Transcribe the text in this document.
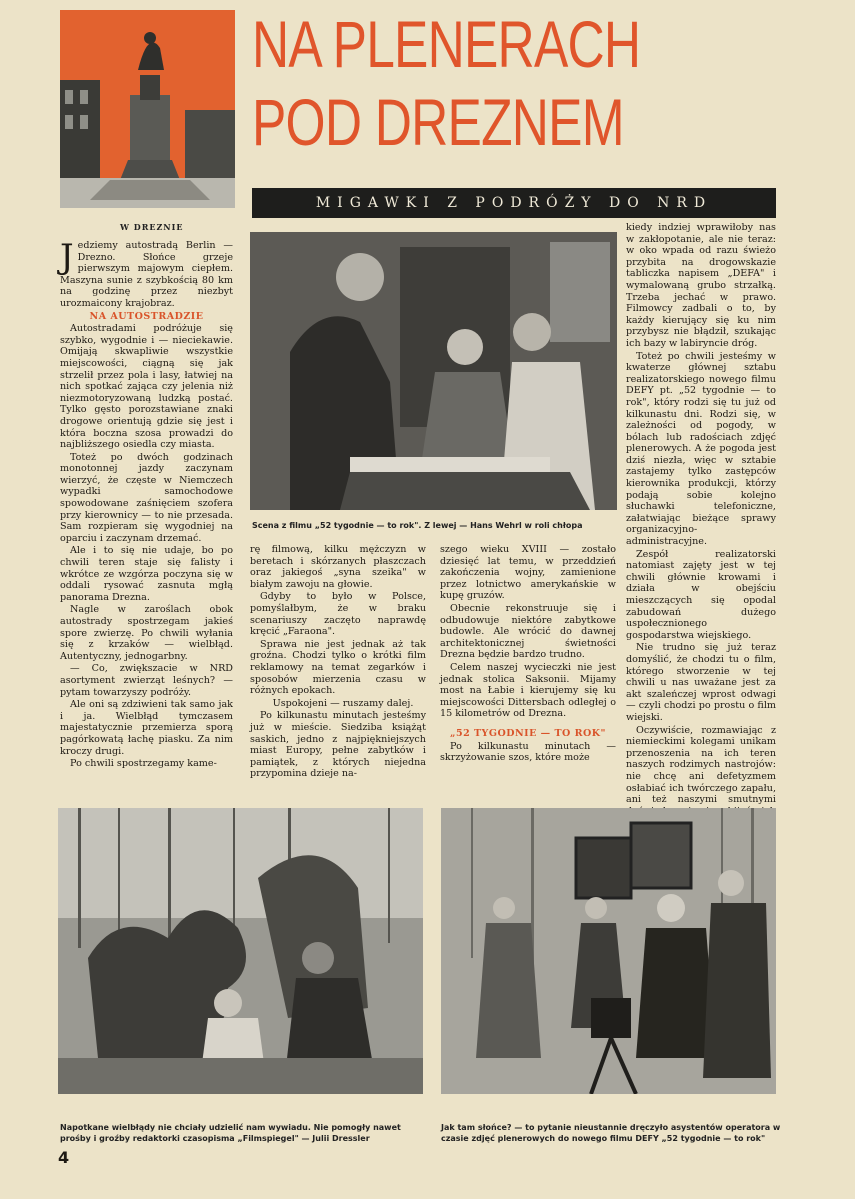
W DREZNIE
NA PLENERACH
POD DREZNEM
MIGAWKI Z PODRÓŻY DO NRD
Scena z filmu „52 tygodnie — to rok". Z lewej — Hans Wehrl w roli chłopa

Jedziemy autostradą Berlin — Drezno. Słońce grzeje pierwszym majowym ciepłem. Maszyna sunie z szybkością 80 km na godzinę przez niezbyt urozmaicony krajobraz.

NA AUTOSTRADZIE

Autostradami podróżuje się szybko, wygodnie i — nieciekawie. Omijają skwapliwie wszystkie miejscowości, ciągną się jak strzelił przez pola i lasy, łatwiej na nich spotkać zająca czy jelenia niż niezmotoryzowaną ludzką postać. Tylko gęsto porozstawiane znaki drogowe orientują gdzie się jest i która boczna szosa prowadzi do najbliższego osiedla czy miasta.

Toteż po dwóch godzinach monotonnej jazdy zaczynam wierzyć, że częste w Niemczech wypadki samochodowe spowodowane zaśnięciem szofera przy kierownicy — to nie przesada. Sam rozpieram się wygodniej na oparciu i zaczynam drzemać.

Ale i to się nie udaje, bo po chwili teren staje się falisty i wkrótce ze wzgórza poczyna się w oddali rysować zasnuta mgłą panorama Drezna.

Nagle w zaroślach obok autostrady spostrzegam jakieś spore zwierzę. Po chwili wyłania się z krzaków — wielbłąd. Autentyczny, jednogarbny.

— Co, zwiększacie w NRD asortyment zwierząt leśnych? — pytam towarzyszy podróży.

Ale oni są zdziwieni tak samo jak i ja. Wielbłąd tymczasem majestatycznie przemierza sporą pagórkowatą łachę piasku. Za nim kroczy drugi.

Po chwili spostrzegamy kame-

rę filmową, kilku mężczyzn w beretach i skórzanych płaszczach oraz jakiegoś „syna szeika" w białym zawoju na głowie.

Gdyby to było w Polsce, pomyślałbym, że w braku scenariuszy zaczęto naprawdę kręcić „Faraona".

Sprawa nie jest jednak aż tak groźna. Chodzi tylko o krótki film reklamowy na temat zegarków i sposobów mierzenia czasu w różnych epokach.

Uspokojeni — ruszamy dalej.

Po kilkunastu minutach jesteśmy już w mieście. Siedziba książąt saskich, jedno z najpiękniejszych miast Europy, pełne zabytków i pamiątek, z których niejedna przypomina dzieje na-

szego wieku XVIII — zostało dziesięć lat temu, w przeddzień zakończenia wojny, zamienione przez lotnictwo amerykańskie w kupę gruzów.

Obecnie rekonstruuje się i odbudowuje niektóre zabytkowe budowle. Ale wrócić do dawnej architektonicznej świetności Drezna będzie bardzo trudno.

Celem naszej wycieczki nie jest jednak stolica Saksonii. Mijamy most na Łabie i kierujemy się ku miejscowości Dittersbach odległej o 15 kilometrów od Drezna.

„52 TYGODNIE — TO ROK"

Po kilkunastu minutach — skrzyżowanie szos, które może

kiedy indziej wprawiłoby nas w zakłopotanie, ale nie teraz: w oko wpada od razu świeżo przybita na drogowskazie tabliczka napisem „DEFA" i wymalowaną grubo strzałką. Trzeba jechać w prawo. Filmowcy zadbali o to, by każdy kierujący się ku nim przybysz nie błądził, szukając ich bazy w labiryncie dróg.

Toteż po chwili jesteśmy w kwaterze głównej sztabu realizatorskiego nowego filmu DEFY pt. „52 tygodnie — to rok", który rodzi się tu już od kilkunastu dni. Rodzi się, w zależności od pogody, w bólach lub radościach zdjęć plenerowych. A że pogoda jest dziś niezła, więc w sztabie zastajemy tylko zastępców kierownika produkcji, którzy podają sobie kolejno słuchawki telefoniczne, załatwiając bieżące sprawy organizacyjno-administracyjne.

Zespół realizatorski natomiast zajęty jest w tej chwili głównie krowami i działa w obejściu mieszczących się opodal zabudowań dużego uspołecznionego gospodarstwa wiejskiego.

Nie trudno się już teraz domyślić, że chodzi tu o film, którego stworzenie w tej chwili u nas uważane jest za akt szaleńczej wprost odwagi — czyli chodzi po prostu o film wiejski.

Oczywiście, rozmawiając z niemieckimi kolegami unikam przenoszenia na ich teren naszych rodzimych nastrojów: nie chcę ani defetyzmem osłabiać ich twórczego zapału, ani też naszymi smutnymi

Napotkane wielbłądy nie chciały udzielić nam wywiadu. Nie pomogły nawet prośby i groźby redaktorki czasopisma „Filmspiegel" — Julii Dressler
Jak tam słońce? — to pytanie nieustannie dręczyło asystentów operatora w czasie zdjęć plenerowych do nowego filmu DEFY „52 tygodnie — to rok"
4
